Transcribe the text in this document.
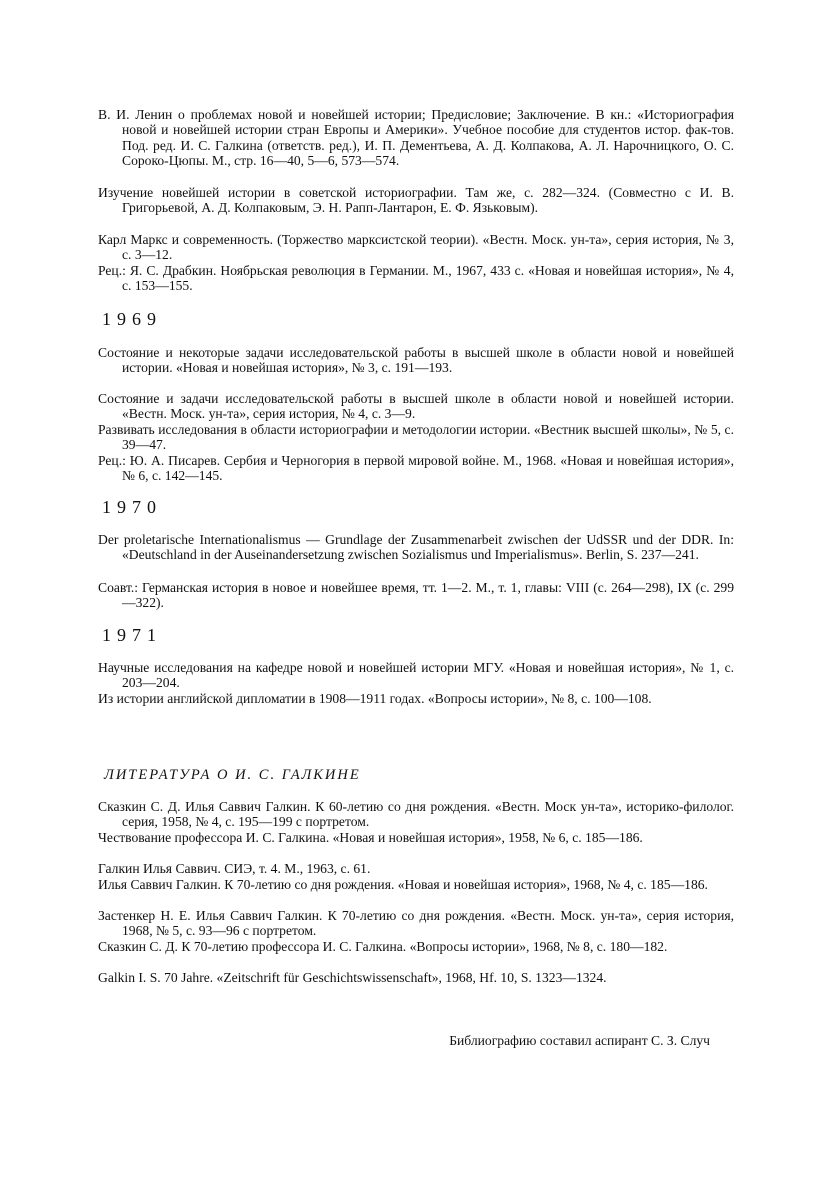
В. И. Ленин о проблемах новой и новейшей истории; Предисловие; Заключение. В кн.: «Историография новой и новейшей истории стран Европы и Америки». Учебное пособие для студентов истор. фак-тов. Под. ред. И. С. Галкина (ответств. ред.), И. П. Дементьева, А. Д. Колпакова, А. Л. Нарочницкого, О. С. Сороко-Цюпы. М., стр. 16—40, 5—6, 573—574.
Изучение новейшей истории в советской историографии. Там же, с. 282—324. (Совместно с И. В. Григорьевой, А. Д. Колпаковым, Э. Н. Рапп-Лантарон, Е. Ф. Язьковым).
Карл Маркс и современность. (Торжество марксистской теории). «Вестн. Моск. ун-та», серия история, № 3, с. 3—12.
Рец.: Я. С. Драбкин. Ноябрьская революция в Германии. М., 1967, 433 с. «Новая и новейшая история», № 4, с. 153—155.
1969
Состояние и некоторые задачи исследовательской работы в высшей школе в области новой и новейшей истории. «Новая и новейшая история», № 3, с. 191—193.
Состояние и задачи исследовательской работы в высшей школе в области новой и новейшей истории. «Вестн. Моск. ун-та», серия история, № 4, с. 3—9.
Развивать исследования в области историографии и методологии истории. «Вестник высшей школы», № 5, с. 39—47.
Рец.: Ю. А. Писарев. Сербия и Черногория в первой мировой войне. М., 1968. «Новая и новейшая история», № 6, с. 142—145.
1970
Der proletarische Internationalismus — Grundlage der Zusammenarbeit zwischen der UdSSR und der DDR. In: «Deutschland in der Auseinandersetzung zwischen Sozialismus und Imperialismus». Berlin, S. 237—241.
Соавт.: Германская история в новое и новейшее время, тт. 1—2. М., т. 1, главы: VIII (с. 264—298), IX (с. 299—322).
1971
Научные исследования на кафедре новой и новейшей истории МГУ. «Новая и новейшая история», № 1, с. 203—204.
Из истории английской дипломатии в 1908—1911 годах. «Вопросы истории», № 8, с. 100—108.
ЛИТЕРАТУРА О И. С. ГАЛКИНЕ
Сказкин С. Д. Илья Саввич Галкин. К 60-летию со дня рождения. «Вестн. Моск ун-та», историко-филолог. серия, 1958, № 4, с. 195—199 с портретом.
Чествование профессора И. С. Галкина. «Новая и новейшая история», 1958, № 6, с. 185—186.
Галкин Илья Саввич. СИЭ, т. 4. М., 1963, с. 61.
Илья Саввич Галкин. К 70-летию со дня рождения. «Новая и новейшая история», 1968, № 4, с. 185—186.
Застенкер Н. Е. Илья Саввич Галкин. К 70-летию со дня рождения. «Вестн. Моск. ун-та», серия история, 1968, № 5, с. 93—96 с портретом.
Сказкин С. Д. К 70-летию профессора И. С. Галкина. «Вопросы истории», 1968, № 8, с. 180—182.
Galkin I. S. 70 Jahre. «Zeitschrift für Geschichtswissenschaft», 1968, Hf. 10, S. 1323—1324.
Библиографию составил аспирант С. З. Случ
